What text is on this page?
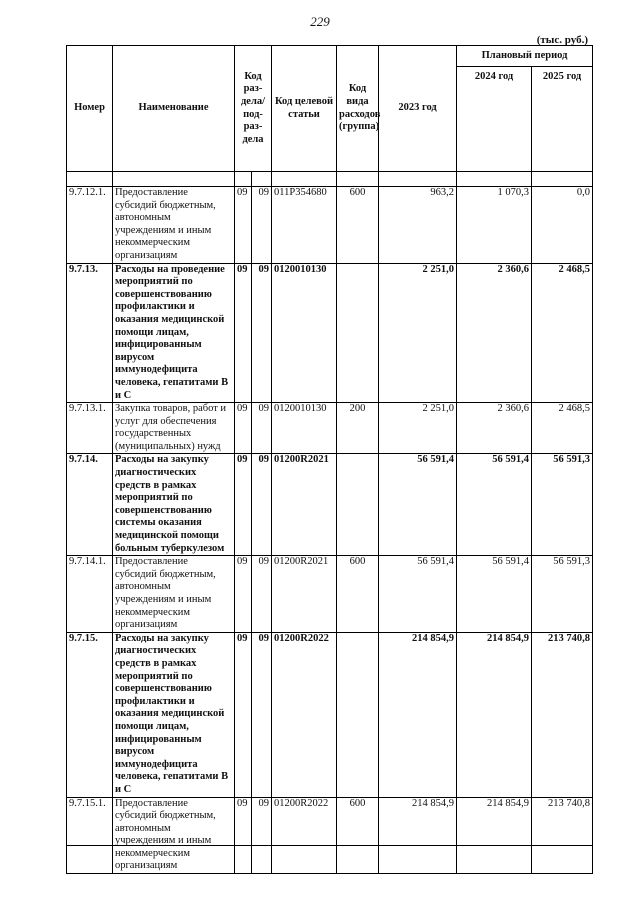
229
(тыс. руб.)
Номер	Наименование	Код раз-дела/ под-раз-дела		Код целевой статьи	Код вида расходов (группа)	2023 год	Плановый период	
							2024 год	2025 год

9.7.12.1.	Предоставление субсидий бюджетным, автономным учреждениям и иным некоммерческим организациям	09	09	011P354680	600	963,2	1 070,3	0,0
9.7.13.	Расходы на проведение мероприятий по совершенствованию профилактики и оказания медицинской помощи лицам, инфицированным вирусом иммунодефицита человека, гепатитами В и С	09	09	0120010130		2 251,0	2 360,6	2 468,5
9.7.13.1.	Закупка товаров, работ и услуг для обеспечения государственных (муниципальных) нужд	09	09	0120010130	200	2 251,0	2 360,6	2 468,5
9.7.14.	Расходы на закупку диагностических средств в рамках мероприятий по совершенствованию системы оказания медицинской помощи больным туберкулезом	09	09	01200R2021		56 591,4	56 591,4	56 591,3
9.7.14.1.	Предоставление субсидий бюджетным, автономным учреждениям и иным некоммерческим организациям	09	09	01200R2021	600	56 591,4	56 591,4	56 591,3
9.7.15.	Расходы на закупку диагностических средств в рамках мероприятий по совершенствованию профилактики и оказания медицинской помощи лицам, инфицированным вирусом иммунодефицита человека, гепатитами В и С	09	09	01200R2022		214 854,9	214 854,9	213 740,8
9.7.15.1.	Предоставление субсидий бюджетным, автономным учреждениям и иным некоммерческим организациям	09	09	01200R2022	600	214 854,9	214 854,9	213 740,8
